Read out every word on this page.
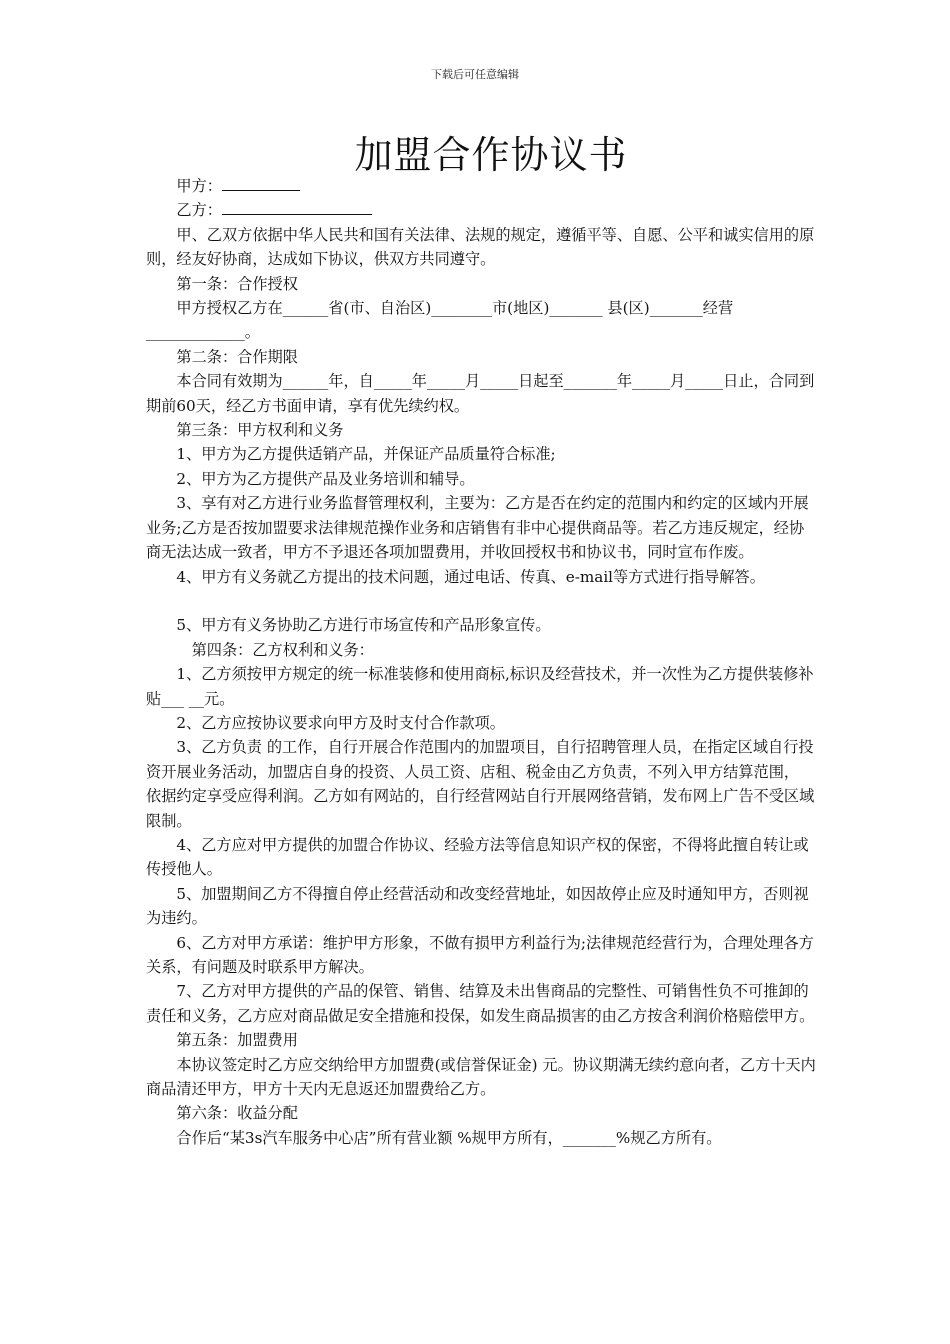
下载后可任意编辑
加盟合作协议书

甲方：

乙方：

甲、乙双方依据中华人民共和国有关法律、法规的规定，遵循平等、自愿、公平和诚实信用的原则，经友好协商，达成如下协议，供双方共同遵守。

第一条：合作授权

甲方授权乙方在______省(市、自治区)________市(地区)_______ 县(区)_______经营_____________。

第二条：合作期限

本合同有效期为______年，自_____年_____月_____日起至_______年_____月_____日止，合同到期前60天，经乙方书面申请，享有优先续约权。

第三条：甲方权利和义务

1、甲方为乙方提供适销产品，并保证产品质量符合标准;

2、甲方为乙方提供产品及业务培训和辅导。

3、享有对乙方进行业务监督管理权利，主要为：乙方是否在约定的范围内和约定的区域内开展业务;乙方是否按加盟要求法律规范操作业务和店销售有非中心提供商品等。若乙方违反规定，经协商无法达成一致者，甲方不予退还各项加盟费用，并收回授权书和协议书，同时宣布作废。

4、甲方有义务就乙方提出的技术问题，通过电话、传真、e-mail等方式进行指导解答。

5、甲方有义务协助乙方进行市场宣传和产品形象宣传。

第四条：乙方权利和义务：

1、乙方须按甲方规定的统一标准装修和使用商标,标识及经营技术，并一次性为乙方提供装修补贴___ __元。

2、乙方应按协议要求向甲方及时支付合作款项。

3、乙方负责 的工作，自行开展合作范围内的加盟项目，自行招聘管理人员，在指定区域自行投资开展业务活动，加盟店自身的投资、人员工资、店租、税金由乙方负责，不列入甲方结算范围，          依据约定享受应得利润。乙方如有网站的，自行经营网站自行开展网络营销，发布网上广告不受区域限制。

4、乙方应对甲方提供的加盟合作协议、经验方法等信息知识产权的保密，不得将此擅自转让或传授他人。

5、加盟期间乙方不得擅自停止经营活动和改变经营地址，如因故停止应及时通知甲方，否则视为违约。

6、乙方对甲方承诺：维护甲方形象，不做有损甲方利益行为;法律规范经营行为，合理处理各方关系，有问题及时联系甲方解决。

7、乙方对甲方提供的产品的保管、销售、结算及未出售商品的完整性、可销售性负不可推卸的责任和义务，乙方应对商品做足安全措施和投保，如发生商品损害的由乙方按含利润价格赔偿甲方。

第五条：加盟费用

本协议签定时乙方应交纳给甲方加盟费(或信誉保证金) 元。协议期满无续约意向者，乙方十天内商品清还甲方，甲方十天内无息返还加盟费给乙方。

第六条：收益分配

合作后“某3s汽车服务中心店”所有营业额 %规甲方所有，_______%规乙方所有。
